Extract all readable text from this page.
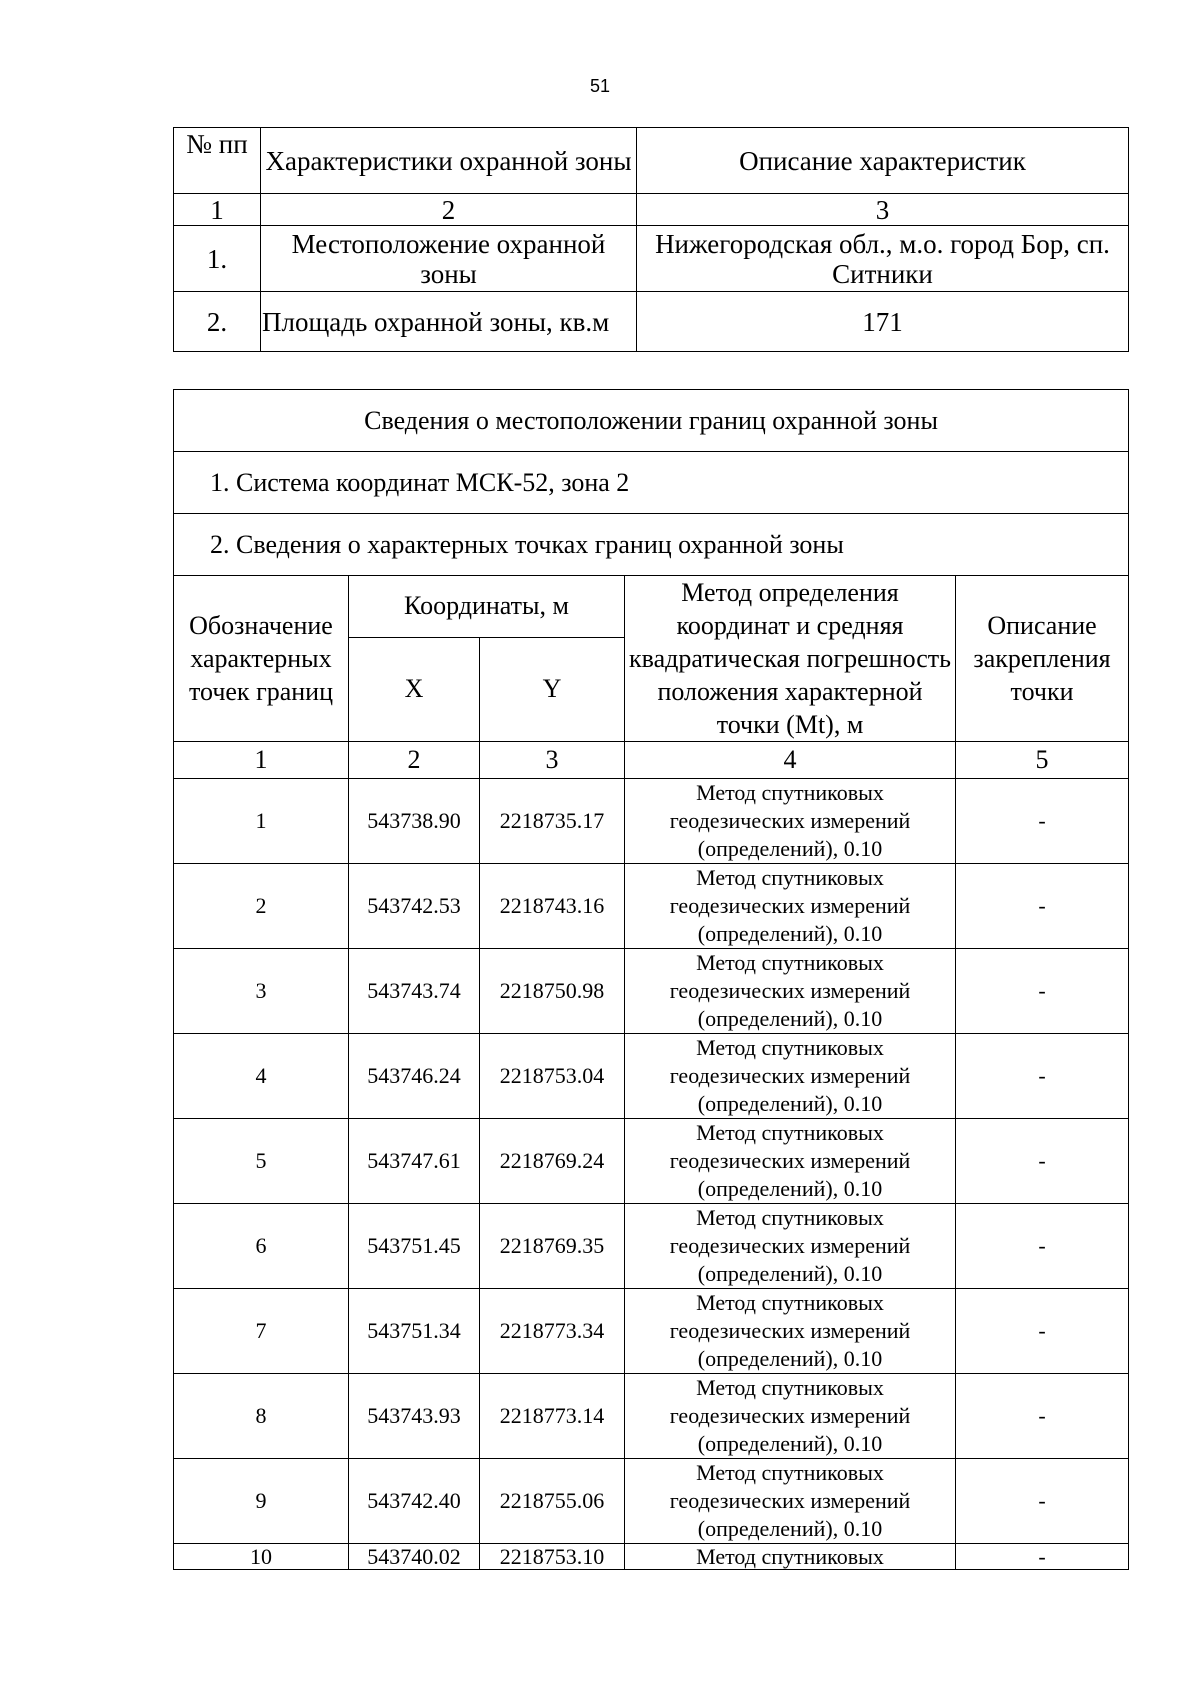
51
№ пп	Характеристики охранной зоны	Описание характеристик
1	2	3
1.	Местоположение охранной зоны	Нижегородская обл., м.о. город Бор, сп. Ситники
2.	Площадь охранной зоны, кв.м	171
Сведения о местоположении границ охранной зоны				
1. Система координат МСК-52, зона 2				
2. Сведения о характерных точках границ охранной зоны				
Обозначение характерных точек границ	Координаты, м		Метод определения координат и средняя квадратическая погрешность положения характерной точки (Mt), м	Описание закрепления точки
	X	Y		
1	2	3	4	5
1	543738.90	2218735.17	Метод спутниковых геодезических измерений (определений), 0.10	-
2	543742.53	2218743.16	Метод спутниковых геодезических измерений (определений), 0.10	-
3	543743.74	2218750.98	Метод спутниковых геодезических измерений (определений), 0.10	-
4	543746.24	2218753.04	Метод спутниковых геодезических измерений (определений), 0.10	-
5	543747.61	2218769.24	Метод спутниковых геодезических измерений (определений), 0.10	-
6	543751.45	2218769.35	Метод спутниковых геодезических измерений (определений), 0.10	-
7	543751.34	2218773.34	Метод спутниковых геодезических измерений (определений), 0.10	-
8	543743.93	2218773.14	Метод спутниковых геодезических измерений (определений), 0.10	-
9	543742.40	2218755.06	Метод спутниковых геодезических измерений (определений), 0.10	-
10	543740.02	2218753.10	Метод спутниковых	-
